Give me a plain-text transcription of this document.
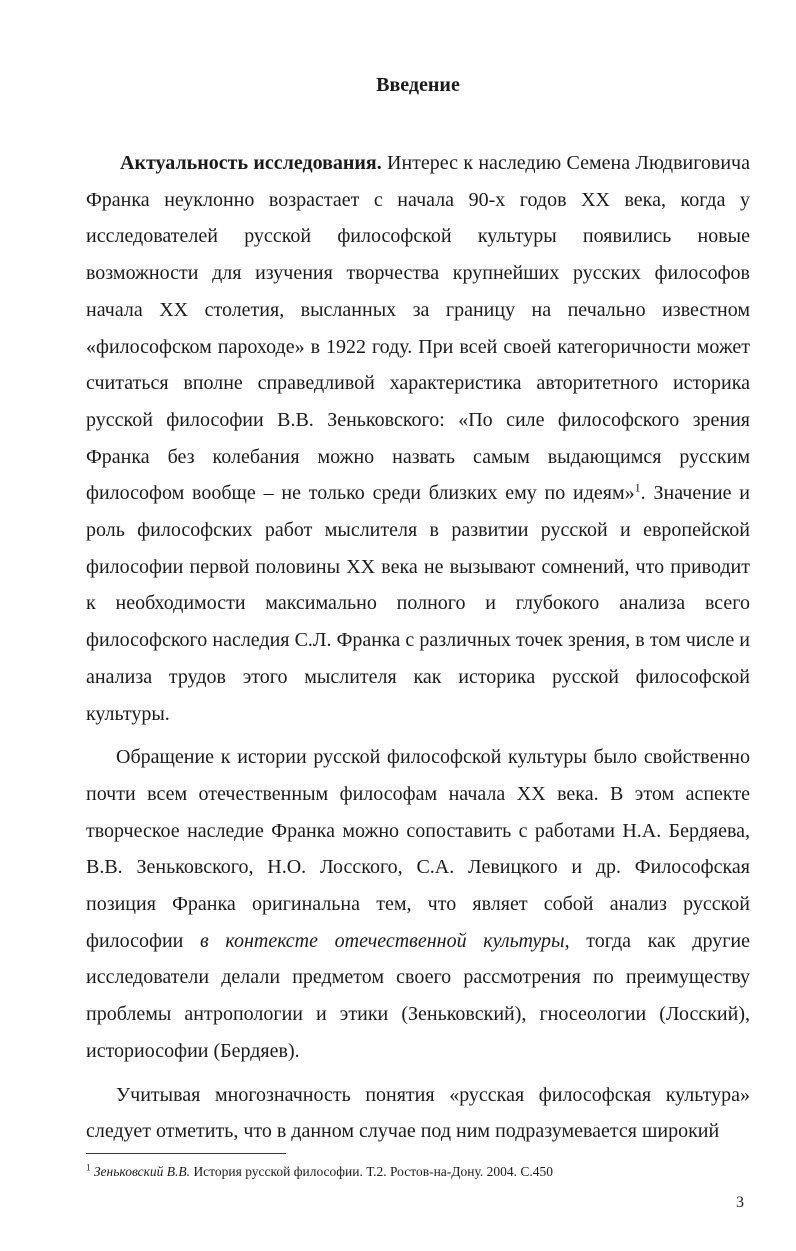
Введение

Актуальность исследования. Интерес к наследию Семена Людвиговича Франка неуклонно возрастает с начала 90-х годов XX века, когда у исследователей русской философской культуры появились новые возможности для изучения творчества крупнейших русских философов начала XX столетия, высланных за границу на печально известном «философском пароходе» в 1922 году. При всей своей категоричности может считаться вполне справедливой характеристика авторитетного историка русской философии В.В. Зеньковского: «По силе философского зрения Франка без колебания можно назвать самым выдающимся русским философом вообще – не только среди близких ему по идеям»$^1$. Значение и роль философских работ мыслителя в развитии русской и европейской философии первой половины XX века не вызывают сомнений, что приводит к необходимости максимально полного и глубокого анализа всего философского наследия С.Л. Франка с различных точек зрения, в том числе и анализа трудов этого мыслителя как историка русской философской культуры.

Обращение к истории русской философской культуры было свойственно почти всем отечественным философам начала XX века. В этом аспекте творческое наследие Франка можно сопоставить с работами Н.А. Бердяева, В.В. Зеньковского, Н.О. Лосского, С.А. Левицкого и др. Философская позиция Франка оригинальна тем, что являет собой анализ русской философии в контексте отечественной культуры, тогда как другие исследователи делали предметом своего рассмотрения по преимуществу проблемы антропологии и этики (Зеньковский), гносеологии (Лосский), историософии (Бердяев).

Учитывая многозначность понятия «русская философская культура» следует отметить, что в данном случае под ним подразумевается широкий

$^1$ Зеньковский В.В. История русской философии. Т.2. Ростов-на-Дону. 2004. С.450
3
